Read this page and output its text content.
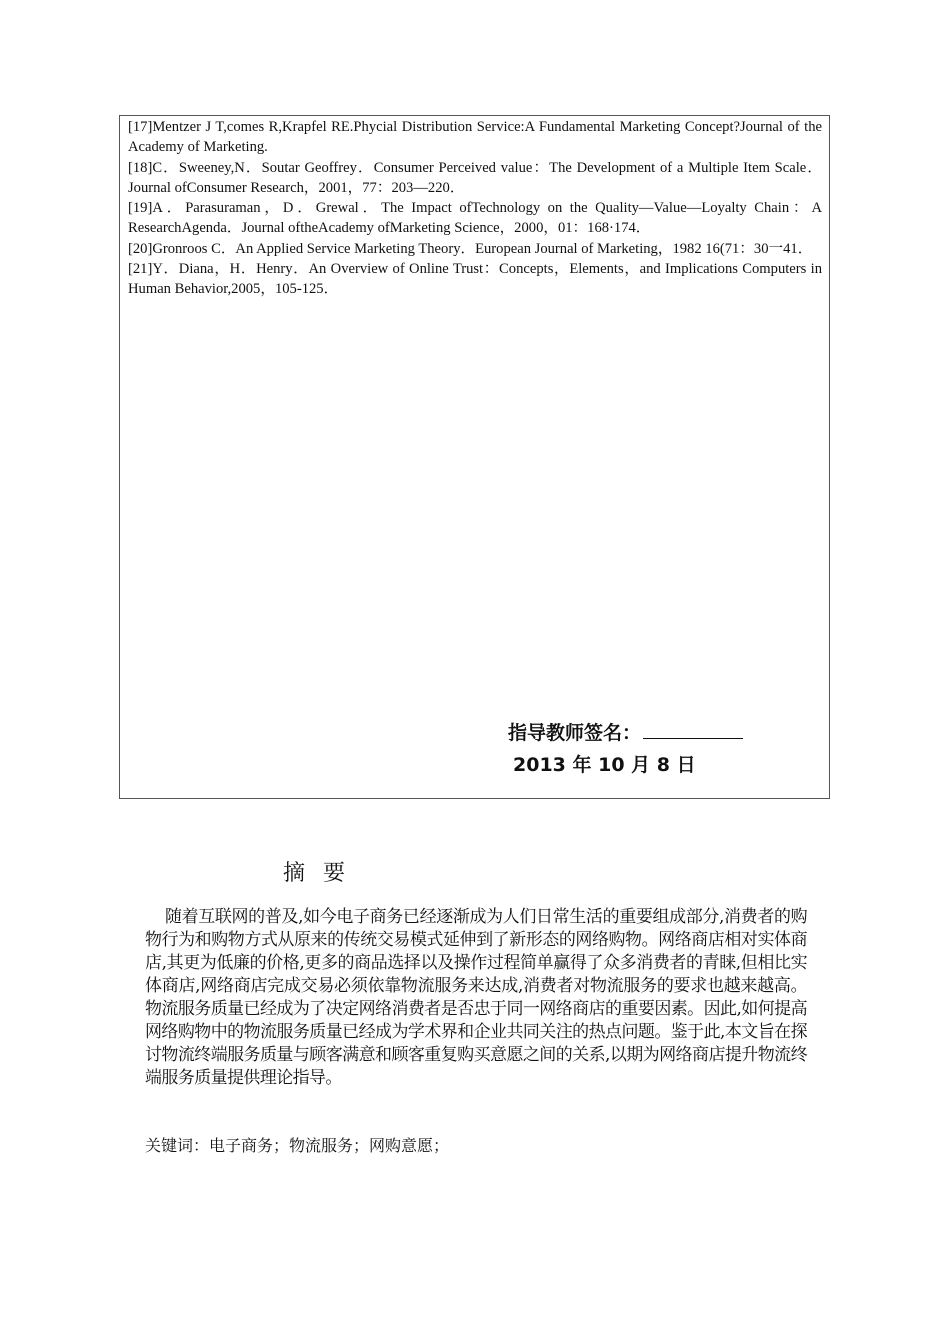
[17]Mentzer J T,comes R,Krapfel RE.Phycial Distribution Service:A Fundamental Marketing Concept?Journal of the Academy of Marketing.

[18]C．Sweeney,N．Soutar Geoffrey．Consumer Perceived value：The Development of a Multiple Item Scale．Journal ofConsumer Research，2001，77：203—220．

[19]A．Parasuraman，D．Grewal．The Impact ofTechnology on the Quality—Value—Loyalty Chain：A ResearchAgenda．Journal oftheAcademy ofMarketing Science，2000，01：168·174．

[20]Gronroos C．An Applied Service Marketing Theory．European Journal of Marketing，1982 16(71：30一41．

[21]Y．Diana，H．Henry．An Overview of Online Trust：Concepts，Elements，and Implications Computers in Human Behavior,2005，105-125．

指导教师签名：
2013 年 10 月 8 日
摘要

随着互联网的普及,如今电子商务已经逐渐成为人们日常生活的重要组成部分,消费者的购物行为和购物方式从原来的传统交易模式延伸到了新形态的网络购物。网络商店相对实体商店,其更为低廉的价格,更多的商品选择以及操作过程简单赢得了众多消费者的青睐,但相比实体商店,网络商店完成交易必须依靠物流服务来达成,消费者对物流服务的要求也越来越高。物流服务质量已经成为了决定网络消费者是否忠于同一网络商店的重要因素。因此,如何提高网络购物中的物流服务质量已经成为学术界和企业共同关注的热点问题。鉴于此,本文旨在探讨物流终端服务质量与顾客满意和顾客重复购买意愿之间的关系,以期为网络商店提升物流终端服务质量提供理论指导。

关键词：电子商务；物流服务；网购意愿；
